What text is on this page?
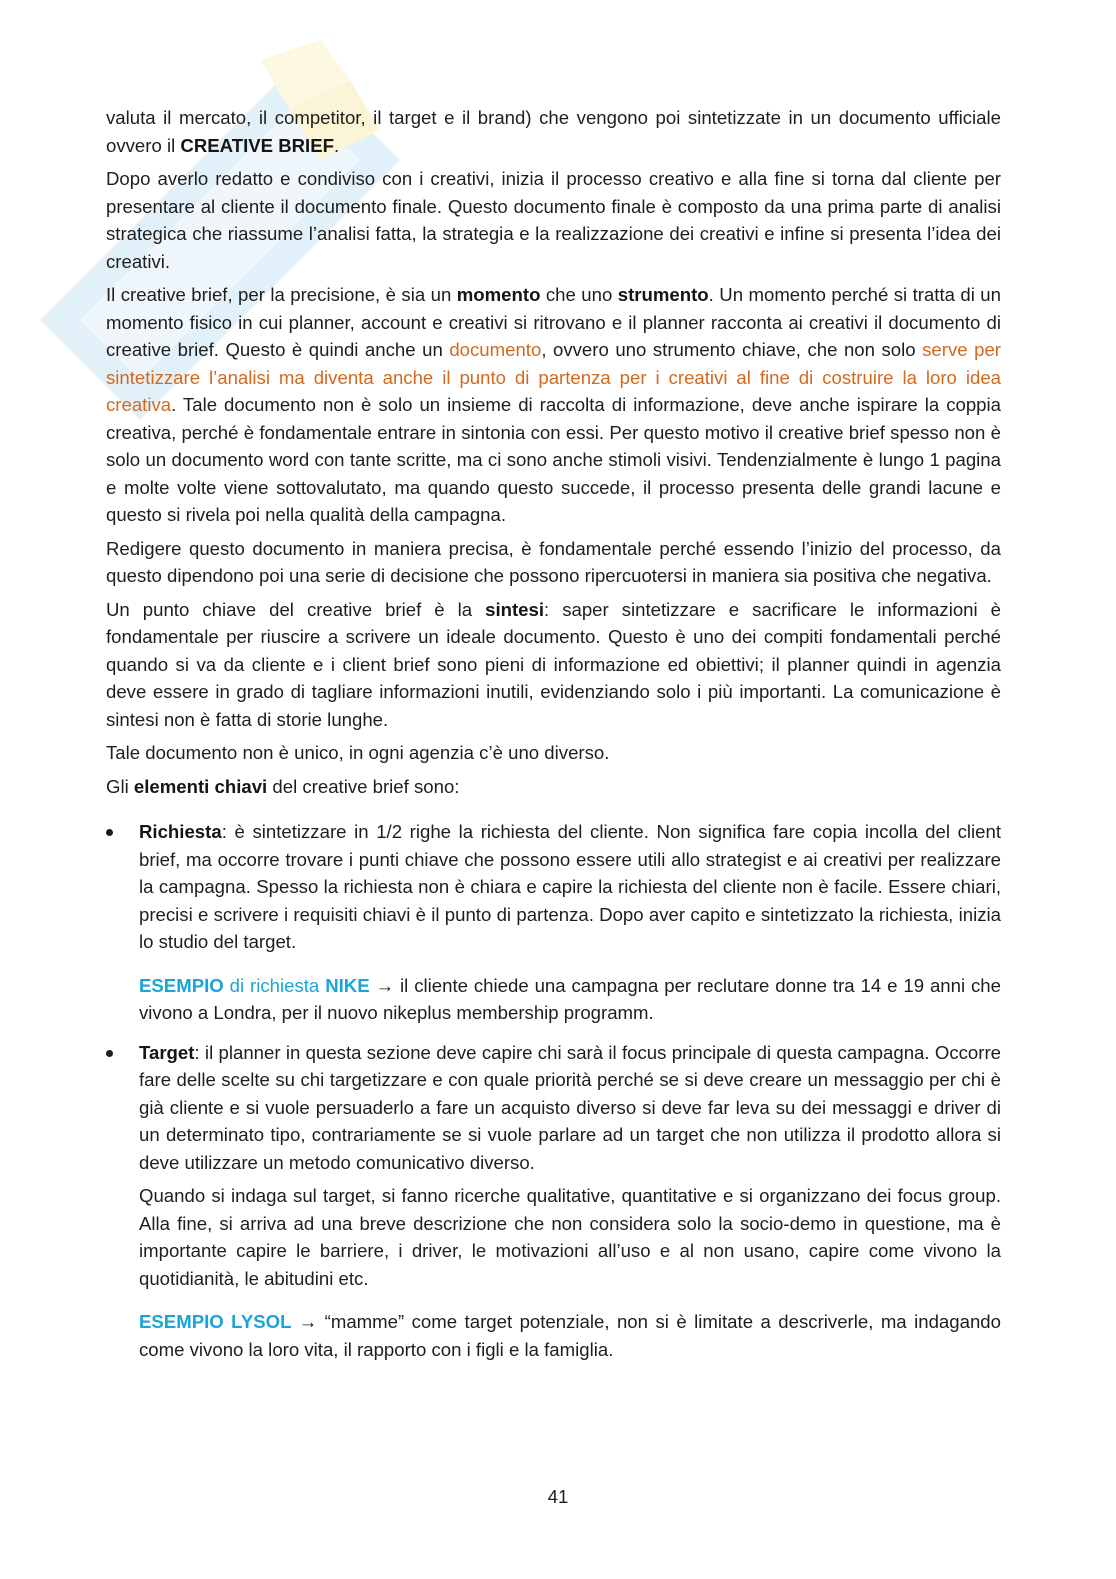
valuta il mercato, il competitor, il target e il brand) che vengono poi sintetizzate in un documento ufficiale ovvero il CREATIVE BRIEF.

Dopo averlo redatto e condiviso con i creativi, inizia il processo creativo e alla fine si torna dal cliente per presentare al cliente il documento finale. Questo documento finale è composto da una prima parte di analisi strategica che riassume l’analisi fatta, la strategia e la realizzazione dei creativi e infine si presenta l’idea dei creativi.

Il creative brief, per la precisione, è sia un momento che uno strumento. Un momento perché si tratta di un momento fisico in cui planner, account e creativi si ritrovano e il planner racconta ai creativi il documento di creative brief. Questo è quindi anche un documento, ovvero uno strumento chiave, che non solo serve per sintetizzare l’analisi ma diventa anche il punto di partenza per i creativi al fine di costruire la loro idea creativa. Tale documento non è solo un insieme di raccolta di informazione, deve anche ispirare la coppia creativa, perché è fondamentale entrare in sintonia con essi. Per questo motivo il creative brief spesso non è solo un documento word con tante scritte, ma ci sono anche stimoli visivi. Tendenzialmente è lungo 1 pagina e molte volte viene sottovalutato, ma quando questo succede, il processo presenta delle grandi lacune e questo si rivela poi nella qualità della campagna.

Redigere questo documento in maniera precisa, è fondamentale perché essendo l’inizio del processo, da questo dipendono poi una serie di decisione che possono ripercuotersi in maniera sia positiva che negativa.

Un punto chiave del creative brief è la sintesi: saper sintetizzare e sacrificare le informazioni è fondamentale per riuscire a scrivere un ideale documento. Questo è uno dei compiti fondamentali perché quando si va da cliente e i client brief sono pieni di informazione ed obiettivi; il planner quindi in agenzia deve essere in grado di tagliare informazioni inutili, evidenziando solo i più importanti. La comunicazione è sintesi non è fatta di storie lunghe.

Tale documento non è unico, in ogni agenzia c’è uno diverso.

Gli elementi chiavi del creative brief sono:

Richiesta: è sintetizzare in 1/2 righe la richiesta del cliente. Non significa fare copia incolla del client brief, ma occorre trovare i punti chiave che possono essere utili allo strategist e ai creativi per realizzare la campagna. Spesso la richiesta non è chiara e capire la richiesta del cliente non è facile. Essere chiari, precisi e scrivere i requisiti chiavi è il punto di partenza. Dopo aver capito e sintetizzato la richiesta, inizia lo studio del target.

ESEMPIO di richiesta NIKE → il cliente chiede una campagna per reclutare donne tra 14 e 19 anni che vivono a Londra, per il nuovo nikeplus membership programm.

Target: il planner in questa sezione deve capire chi sarà il focus principale di questa campagna. Occorre fare delle scelte su chi targetizzare e con quale priorità perché se si deve creare un messaggio per chi è già cliente e si vuole persuaderlo a fare un acquisto diverso si deve far leva su dei messaggi e driver di un determinato tipo, contrariamente se si vuole parlare ad un target che non utilizza il prodotto allora si deve utilizzare un metodo comunicativo diverso.

Quando si indaga sul target, si fanno ricerche qualitative, quantitative e si organizzano dei focus group. Alla fine, si arriva ad una breve descrizione che non considera solo la socio-demo in questione, ma è importante capire le barriere, i driver, le motivazioni all’uso e al non usano, capire come vivono la quotidianità, le abitudini etc.

ESEMPIO LYSOL → “mamme” come target potenziale, non si è limitate a descriverle, ma indagando come vivono la loro vita, il rapporto con i figli e la famiglia.

41
